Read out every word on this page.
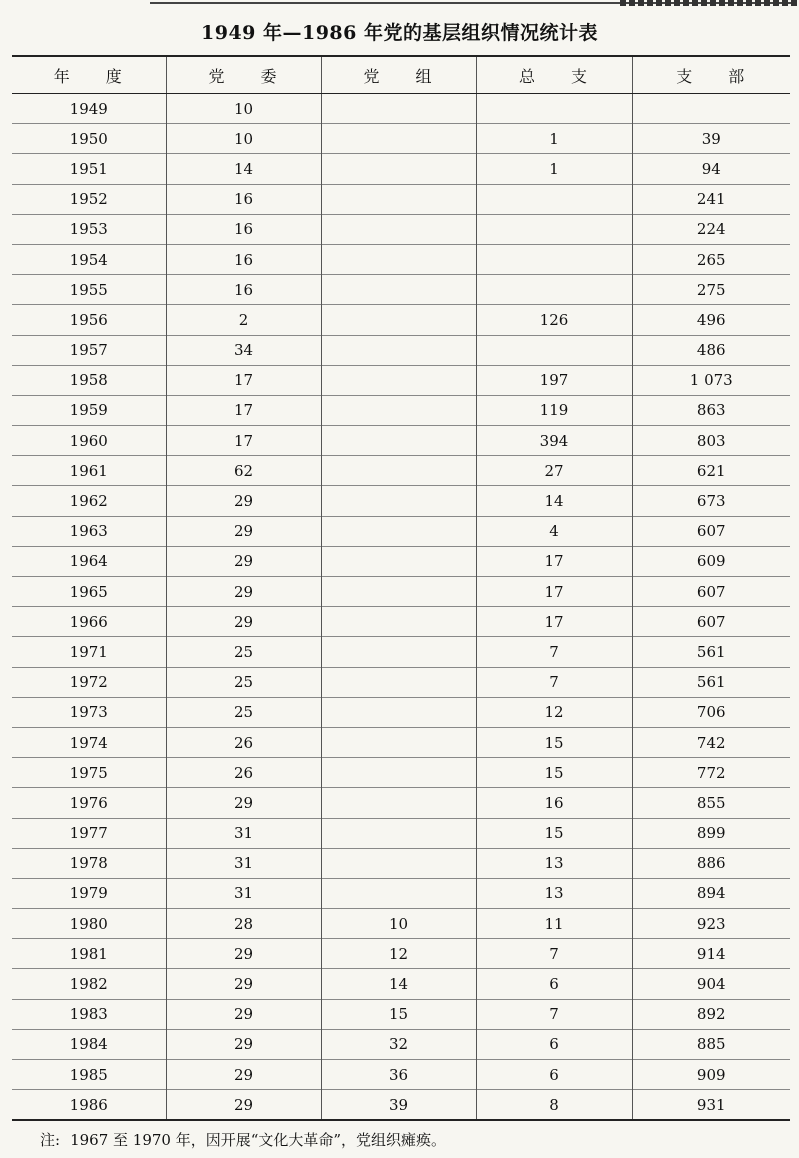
1949 年—1986 年党的基层组织情况统计表
年 度	党 委	党 组	总 支	支 部

1949	10			
1950	10		1	39
1951	14		1	94
1952	16			241
1953	16			224
1954	16			265
1955	16			275
1956	2		126	496
1957	34			486
1958	17		197	1 073
1959	17		119	863
1960	17		394	803
1961	62		27	621
1962	29		14	673
1963	29		4	607
1964	29		17	609
1965	29		17	607
1966	29		17	607
1971	25		7	561
1972	25		7	561
1973	25		12	706
1974	26		15	742
1975	26		15	772
1976	29		16	855
1977	31		15	899
1978	31		13	886
1979	31		13	894
1980	28	10	11	923
1981	29	12	7	914
1982	29	14	6	904
1983	29	15	7	892
1984	29	32	6	885
1985	29	36	6	909
1986	29	39	8	931
注: 1967 至 1970 年，因开展“文化大革命”，党组织瘫痪。
